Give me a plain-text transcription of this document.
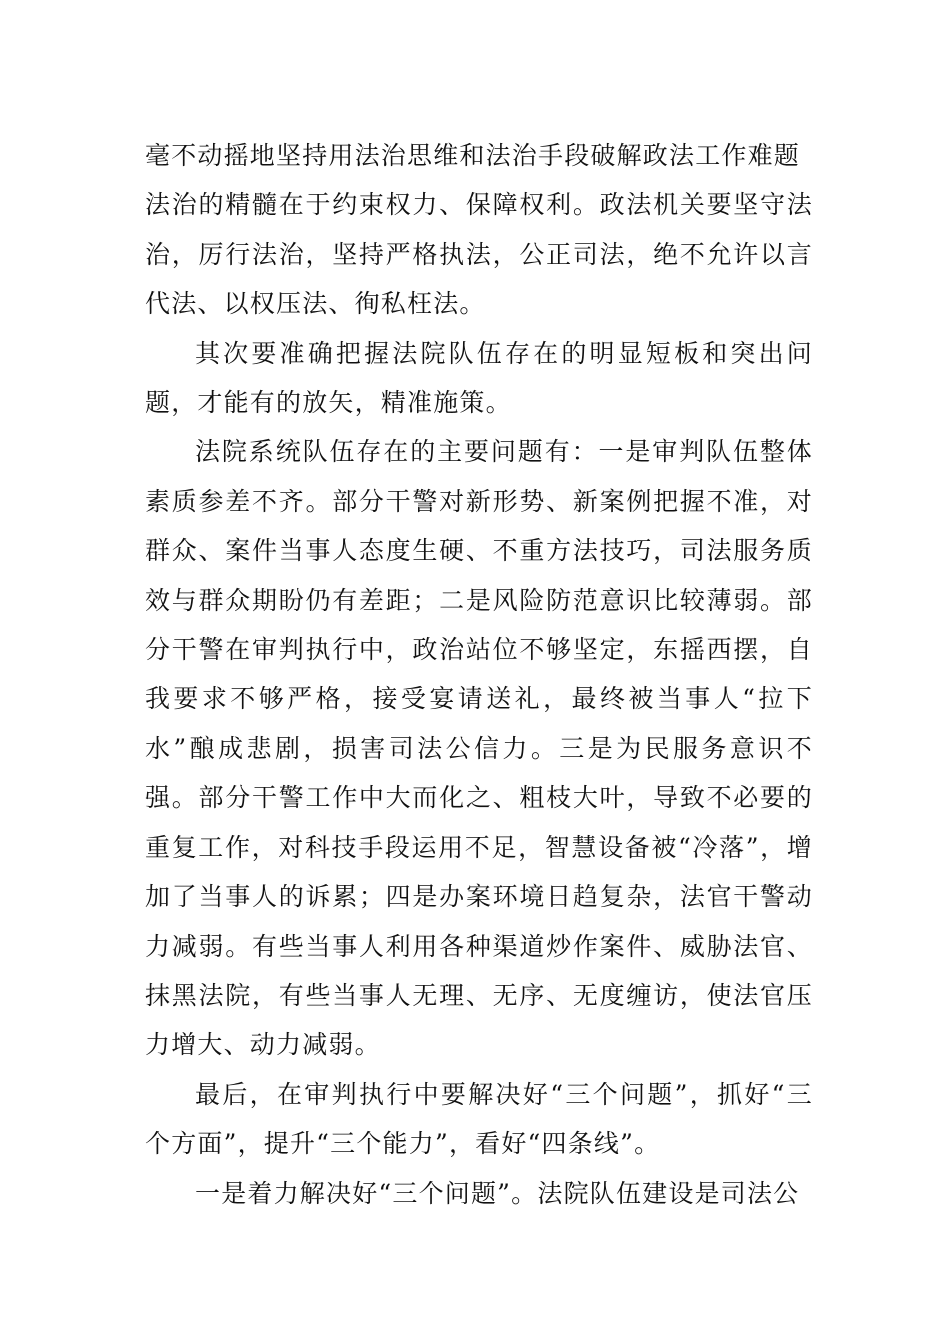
毫不动摇地坚持用法治思维和法治手段破解政法工作难题

法治的精髓在于约束权力、保障权利。政法机关要坚守法治，厉行法治，坚持严格执法，公正司法，绝不允许以言代法、以权压法、徇私枉法。

其次要准确把握法院队伍存在的明显短板和突出问题，才能有的放矢，精准施策。

法院系统队伍存在的主要问题有：一是审判队伍整体素质参差不齐。部分干警对新形势、新案例把握不准，对群众、案件当事人态度生硬、不重方法技巧，司法服务质效与群众期盼仍有差距；二是风险防范意识比较薄弱。部分干警在审判执行中，政治站位不够坚定，东摇西摆，自我要求不够严格，接受宴请送礼，最终被当事人“拉下水”酿成悲剧，损害司法公信力。三是为民服务意识不强。部分干警工作中大而化之、粗枝大叶，导致不必要的重复工作，对科技手段运用不足，智慧设备被“冷落”，增加了当事人的诉累；四是办案环境日趋复杂，法官干警动力减弱。有些当事人利用各种渠道炒作案件、威胁法官、抹黑法院，有些当事人无理、无序、无度缠访，使法官压力增大、动力减弱。

最后，在审判执行中要解决好“三个问题”，抓好“三个方面”，提升“三个能力”，看好“四条线”。

一是着力解决好“三个问题”。法院队伍建设是司法公
